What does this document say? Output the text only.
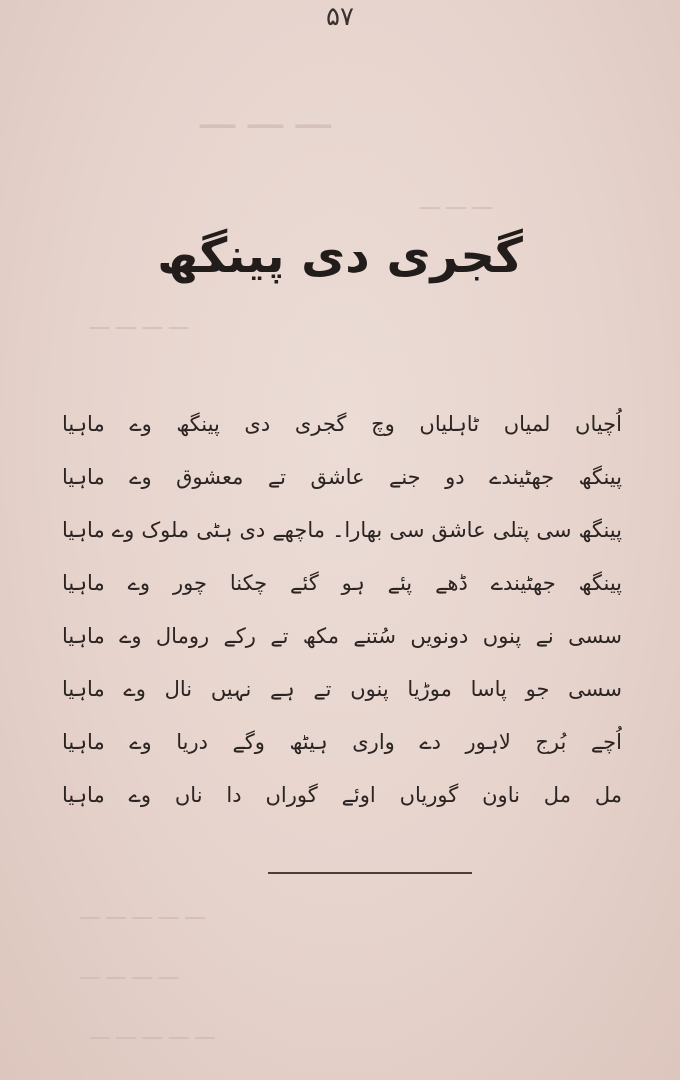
ـــ ـــ ـــ
ـــ ـــ ـــ
ـــ ـــ ـــ ـــ
ـــ ـــ ـــ ـــ ـــ
ـــ ـــ ـــ ـــ
ـــ ـــ ـــ ـــ ـــ

۵۷

گجری دی پینگھ
اُچیاں لمیاں ٹاہلیاں وچ گجری دی پینگھ وے ماہیا
پینگھ جھٹیندے دو جنے عاشق تے معشوق وے ماہیا
پینگھ سی پتلی عاشق سی بھارا۔ ماچھے دی ہٹی ملوک وے ماہیا
پینگھ جھٹیندے ڈھے پئے ہو گئے چکنا چور وے ماہیا
سسی نے پنوں دونویں سُتنے مکھ تے رکے رومال وے ماہیا
سسی جو پاسا موڑیا پنوں تے ہے نہیں نال وے ماہیا
اُچے بُرج لاہور دے واری ہیٹھ وگے دریا وے ماہیا
مل مل ناون گوریاں اوئے گوراں دا ناں وے ماہیا
